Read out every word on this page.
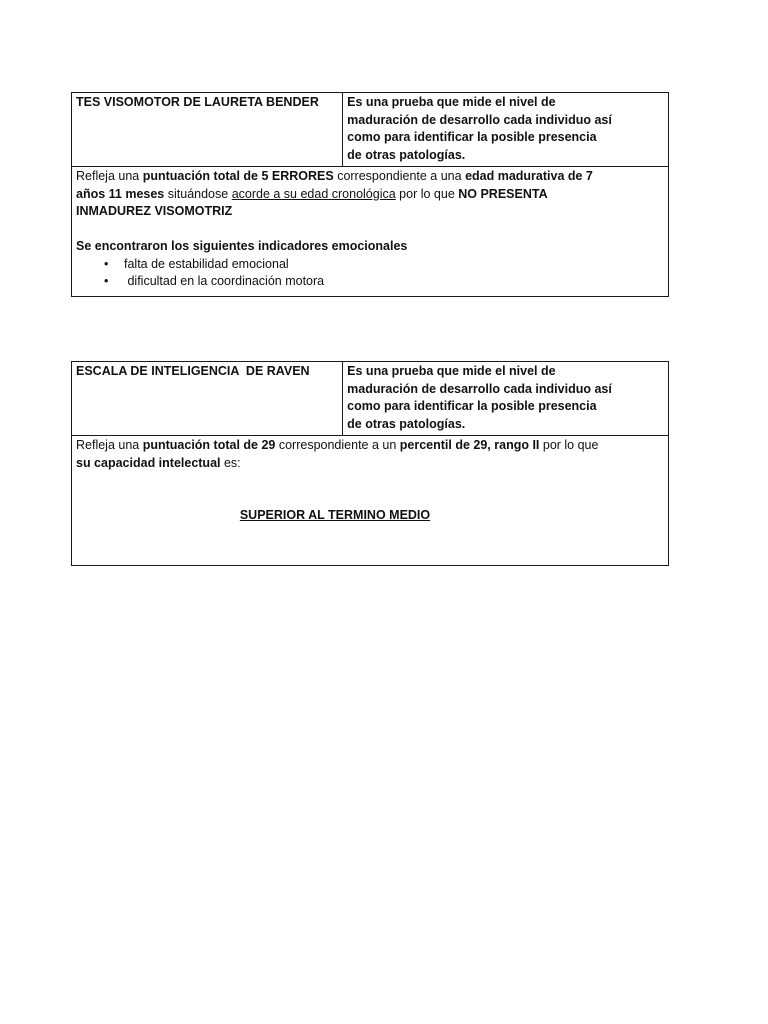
TES VISOMOTOR DE LAURETA BENDER	Es una prueba que mide el nivel de maduración de desarrollo cada individuo así como para identificar la posible presencia de otras patologías.

Refleja una puntuación total de 5 ERRORES correspondiente a una edad madurativa de 7 años 11 meses situándose acorde a su edad cronológica por lo que NO PRESENTA INMADUREZ VISOMOTRIZ
Se encontraron los siguientes indicadores emocionales
• falta de estabilidad emocional
•  dificultad en la coordinación motora
ESCALA DE INTELIGENCIA  DE RAVEN	Es una prueba que mide el nivel de maduración de desarrollo cada individuo así como para identificar la posible presencia de otras patologías.

Refleja una puntuación total de 29 correspondiente a un percentil de 29, rango II por lo que su capacidad intelectual es:
SUPERIOR AL TERMINO MEDIO
